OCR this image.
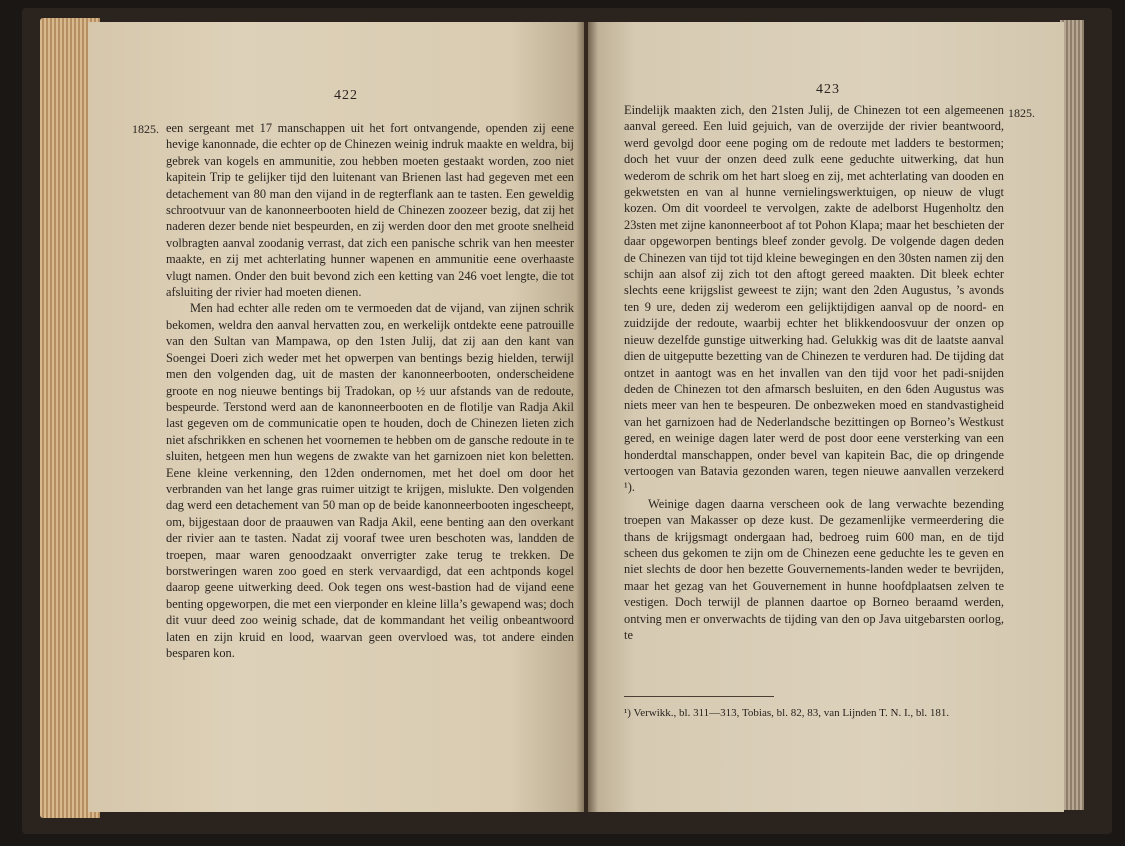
422
1825. een sergeant met 17 manschappen uit het fort ontvangende, openden zij eene hevige kanonnade, die echter op de Chinezen weinig indruk maakte en weldra, bij gebrek van kogels en ammunitie, zou hebben moeten gestaakt worden, zoo niet kapitein Trip te gelijker tijd den luitenant van Brienen last had gegeven met een detachement van 80 man den vijand in de regterflank aan te tasten. Een geweldig schrootvuur van de kanonneerbooten hield de Chinezen zoozeer bezig, dat zij het naderen dezer bende niet bespeurden, en zij werden door den met groote snelheid volbragten aanval zoodanig verrast, dat zich een panische schrik van hen meester maakte, en zij met achterlating hunner wapenen en ammunitie eene overhaaste vlugt namen. Onder den buit bevond zich een ketting van 246 voet lengte, die tot afsluiting der rivier had moeten dienen.

Men had echter alle reden om te vermoeden dat de vijand, van zijnen schrik bekomen, weldra den aanval hervatten zou, en werkelijk ontdekte eene patrouille van den Sultan van Mampawa, op den 1sten Julij, dat zij aan den kant van Soengei Doeri zich weder met het opwerpen van bentings bezig hielden, terwijl men den volgenden dag, uit de masten der kanonneerbooten, onderscheidene groote en nog nieuwe bentings bij Tradokan, op ½ uur afstands van de redoute, bespeurde. Terstond werd aan de kanonneerbooten en de flotilje van Radja Akil last gegeven om de communicatie open te houden, doch de Chinezen lieten zich niet afschrikken en schenen het voornemen te hebben om de gansche redoute in te sluiten, hetgeen men hun wegens de zwakte van het garnizoen niet kon beletten. Eene kleine verkenning, den 12den ondernomen, met het doel om door het verbranden van het lange gras ruimer uitzigt te krijgen, mislukte. Den volgenden dag werd een detachement van 50 man op de beide kanonneerbooten ingescheept, om, bijgestaan door de praauwen van Radja Akil, eene benting aan den overkant der rivier aan te tasten. Nadat zij vooraf twee uren beschoten was, landden de troepen, maar waren genoodzaakt onverrigter zake terug te trekken. De borstweringen waren zoo goed en sterk vervaardigd, dat een achtponds kogel daarop geene uitwerking deed. Ook tegen ons west-bastion had de vijand eene benting opgeworpen, die met een vierponder en kleine lilla’s gewapend was; doch dit vuur deed zoo weinig schade, dat de kommandant het veilig onbeantwoord laten en zijn kruid en lood, waarvan geen overvloed was, tot andere einden besparen kon.

423
1825.

Eindelijk maakten zich, den 21sten Julij, de Chinezen tot een algemeenen aanval gereed. Een luid gejuich, van de overzijde der rivier beantwoord, werd gevolgd door eene poging om de redoute met ladders te bestormen; doch het vuur der onzen deed zulk eene geduchte uitwerking, dat hun wederom de schrik om het hart sloeg en zij, met achterlating van dooden en gekwetsten en van al hunne vernielingswerktuigen, op nieuw de vlugt kozen. Om dit voordeel te vervolgen, zakte de adelborst Hugenholtz den 23sten met zijne kanonneerboot af tot Pohon Klapa; maar het beschieten der daar opgeworpen bentings bleef zonder gevolg. De volgende dagen deden de Chinezen van tijd tot tijd kleine bewegingen en den 30sten namen zij den schijn aan alsof zij zich tot den aftogt gereed maakten. Dit bleek echter slechts eene krijgslist geweest te zijn; want den 2den Augustus, ’s avonds ten 9 ure, deden zij wederom een gelijktijdigen aanval op de noord- en zuidzijde der redoute, waarbij echter het blikkendoosvuur der onzen op nieuw dezelfde gunstige uitwerking had. Gelukkig was dit de laatste aanval dien de uitgeputte bezetting van de Chinezen te verduren had. De tijding dat ontzet in aantogt was en het invallen van den tijd voor het padi-snijden deden de Chinezen tot den afmarsch besluiten, en den 6den Augustus was niets meer van hen te bespeuren. De onbezweken moed en standvastigheid van het garnizoen had de Nederlandsche bezittingen op Borneo’s Westkust gered, en weinige dagen later werd de post door eene versterking van een honderdtal manschappen, onder bevel van kapitein Bac, die op dringende vertoogen van Batavia gezonden waren, tegen nieuwe aanvallen verzekerd ¹).

Weinige dagen daarna verscheen ook de lang verwachte bezending troepen van Makasser op deze kust. De gezamenlijke vermeerdering die thans de krijgsmagt ondergaan had, bedroeg ruim 600 man, en de tijd scheen dus gekomen te zijn om de Chinezen eene geduchte les te geven en niet slechts de door hen bezette Gouvernements-landen weder te bevrijden, maar het gezag van het Gouvernement in hunne hoofdplaatsen zelven te vestigen. Doch terwijl de plannen daartoe op Borneo beraamd werden, ontving men er onverwachts de tijding van den op Java uitgebarsten oorlog, te

¹) Verwikk., bl. 311—313, Tobias, bl. 82, 83, van Lijnden T. N. I., bl. 181.
